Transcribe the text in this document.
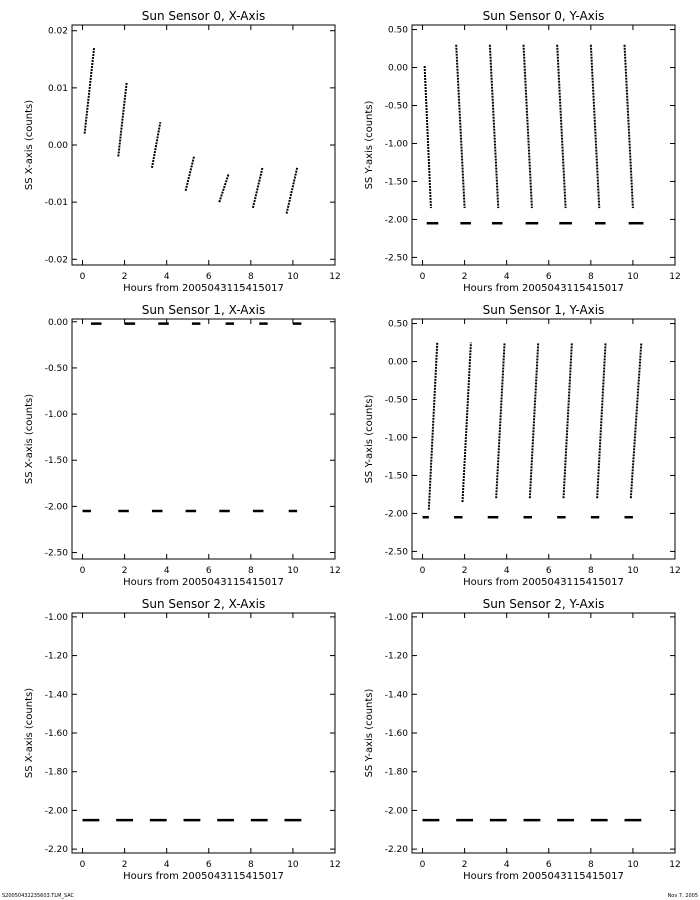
Sun Sensor 0, X-Axis
Hours from 2005043115415017
SS X-axis (counts)
0	2	4	6	8	10	12
0.02
0.01
0.00
-0.01
-0.02
Sun Sensor 0, Y-Axis
Hours from 2005043115415017
SS Y-axis (counts)
0	2	4	6	8	10	12
0.50
0.00
-0.50
-1.00
-1.50
-2.00
-2.50
Sun Sensor 1, X-Axis
Hours from 2005043115415017
SS X-axis (counts)
0	2	4	6	8	10	12
0.00
-0.50
-1.00
-1.50
-2.00
-2.50
Sun Sensor 1, Y-Axis
Hours from 2005043115415017
SS Y-axis (counts)
0	2	4	6	8	10	12
0.50
0.00
-0.50
-1.00
-1.50
-2.00
-2.50
Sun Sensor 2, X-Axis
Hours from 2005043115415017
SS X-axis (counts)
0	2	4	6	8	10	12
-1.00
-1.20
-1.40
-1.60
-1.80
-2.00
-2.20
Sun Sensor 2, Y-Axis
Hours from 2005043115415017
SS Y-axis (counts)
0	2	4	6	8	10	12
-1.00
-1.20
-1.40
-1.60
-1.80
-2.00
-2.20
S20050432235603.TLM_SAC	Nov 7, 2005
